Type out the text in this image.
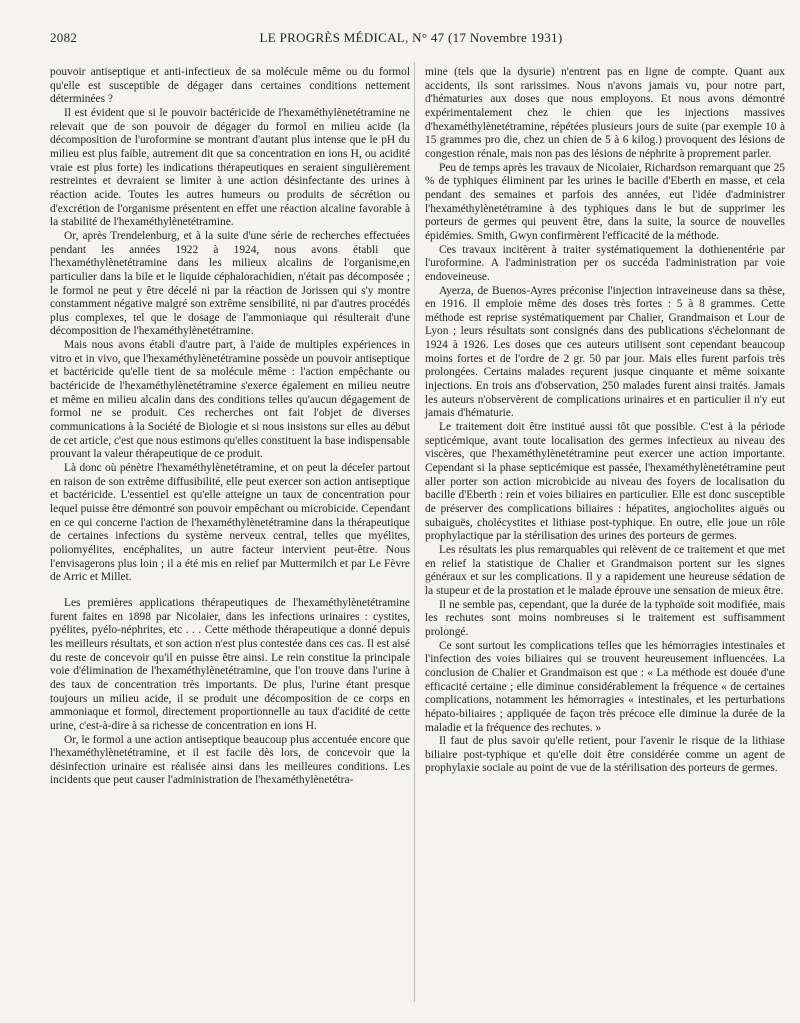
2082	LE PROGRÈS MÉDICAL, N° 47 (17 Novembre 1931)

pouvoir antiseptique et anti-infectieux de sa molécule même ou du formol qu'elle est susceptible de dégager dans certaines conditions nettement déterminées ?

Il est évident que si le pouvoir bactéricide de l'hexaméthylènetétramine ne relevait que de son pouvoir de dégager du formol en milieu acide (la décomposition de l'uroformine se montrant d'autant plus intense que le pH du milieu est plus faible, autrement dit que sa concentration en ions H, ou acidité vraie est plus forte) les indications thérapeutiques en seraient singulièrement restreintes et devraient se limiter à une action désinfectante des urines à réaction acide. Toutes les autres humeurs ou produits de sécrétion ou d'excrétion de l'organisme présentent en effet une réaction alcaline favorable à la stabilité de l'hexaméthylènetétramine.

Or, après Trendelenburg, et à la suite d'une série de recherches effectuées pendant les années 1922 à 1924, nous avons établi que l'hexaméthylènetétramine dans les milieux alcalins de l'organisme,en particulier dans la bile et le liquide céphalorachidien, n'était pas décomposée ; le formol ne peut y être décelé ni par la réaction de Jorissen qui s'y montre constamment négative malgré son extrême sensibilité, ni par d'autres procédés plus complexes, tel que le dosage de l'ammoniaque qui résulterait d'une décomposition de l'hexaméthylènetétramine.

Mais nous avons établi d'autre part, à l'aide de multiples expériences in vitro et in vivo, que l'hexaméthylènetétramine possède un pouvoir antiseptique et bactéricide qu'elle tient de sa molécule même : l'action empêchante ou bactéricide de l'hexaméthylènetétramine s'exerce également en milieu neutre et même en milieu alcalin dans des conditions telles qu'aucun dégagement de formol ne se produit. Ces recherches ont fait l'objet de diverses communications à la Société de Biologie et si nous insistons sur elles au début de cet article, c'est que nous estimons qu'elles constituent la base indispensable prouvant la valeur thérapeutique de ce produit.

Là donc où pénètre l'hexaméthylènetétramine, et on peut la déceler partout en raison de son extrême diffusibilité, elle peut exercer son action antiseptique et bactéricide. L'essentiel est qu'elle atteigne un taux de concentration pour lequel puisse être démontré son pouvoir empêchant ou microbicide. Cependant en ce qui concerne l'action de l'hexaméthylènetétramine dans la thérapeutique de certaines infections du système nerveux central, telles que myélites, poliomyélites, encéphalites, un autre facteur intervient peut-être. Nous l'envisagerons plus loin ; il a été mis en relief par Muttermilch et par Le Fèvre de Arric et Millet.

Les premières applications thérapeutiques de l'hexaméthylènetétramine furent faites en 1898 par Nicolaier, dans les infections urinaires : cystites, pyélites, pyélo-néphrites, etc . . . Cette méthode thérapeutique a donné depuis les meilleurs résultats, et son action n'est plus contestée dans ces cas. Il est aisé du reste de concevoir qu'il en puisse être ainsi. Le rein constitue la principale voie d'élimination de l'hexaméthylènetétramine, que l'on trouve dans l'urine à des taux de concentration très importants. De plus, l'urine étant presque toujours un milieu acide, il se produit une décomposition de ce corps en ammoniaque et formol, directement proportionnelle au taux d'acidité de cette urine, c'est-à-dire à sa richesse de concentration en ions H.

Or, le formol a une action antiseptique beaucoup plus accentuée encore que l'hexaméthylènetétramine, et il est facile dès lors, de concevoir que la désinfection urinaire est réalisée ainsi dans les meilleures conditions. Les incidents que peut causer l'administration de l'hexaméthylènetétra-

mine (tels que la dysurie) n'entrent pas en ligne de compte. Quant aux accidents, ils sont rarissimes. Nous n'avons jamais vu, pour notre part, d'hématuries aux doses que nous employons. Et nous avons démontré expérimentalement chez le chien que les injections massives d'hexaméthylènetétramine, répétées plusieurs jours de suite (par exemple 10 à 15 grammes pro die, chez un chien de 5 à 6 kilog.) provoquent des lésions de congestion rénale, mais non pas des lésions de néphrite à proprement parler.

Peu de temps après les travaux de Nicolaier, Richardson remarquant que 25 % de typhiques éliminent par les urines le bacille d'Eberth en masse, et cela pendant des semaines et parfois des années, eut l'idée d'administrer l'hexaméthylènetétramine à des typhiques dans le but de supprimer les porteurs de germes qui peuvent être, dans la suite, la source de nouvelles épidémies. Smith, Gwyn confirmèrent l'efficacité de la méthode.

Ces travaux incitèrent à traiter systématiquement la dothienentérie par l'uroformine. A l'administration per os succéda l'administration par voie endoveineuse.

Ayerza, de Buenos-Ayres préconise l'injection intraveineuse dans sa thèse, en 1916. Il emploie même des doses très fortes : 5 à 8 grammes. Cette méthode est reprise systématiquement par Chalier, Grandmaison et Lour de Lyon ; leurs résultats sont consignés dans des publications s'échelonnant de 1924 à 1926. Les doses que ces auteurs utilisent sont cependant beaucoup moins fortes et de l'ordre de 2 gr. 50 par jour. Mais elles furent parfois très prolongées. Certains malades reçurent jusque cinquante et même soixante injections. En trois ans d'observation, 250 malades furent ainsi traités. Jamais les auteurs n'observèrent de complications urinaires et en particulier il n'y eut jamais d'hématurie.

Le traitement doit être institué aussi tôt que possible. C'est à la période septicémique, avant toute localisation des germes infectieux au niveau des viscères, que l'hexaméthylènetétramine peut exercer une action importante. Cependant si la phase septicémique est passée, l'hexaméthylènetétramine peut aller porter son action microbicide au niveau des foyers de localisation du bacille d'Eberth : rein et voies biliaires en particulier. Elle est donc susceptible de préserver des complications biliaires : hépatites, angiocholites aiguës ou subaiguës, cholécystites et lithiase post-typhique. En outre, elle joue un rôle prophylactique par la stérilisation des urines des porteurs de germes.

Les résultats les plus remarquables qui relèvent de ce traitement et que met en relief la statistique de Chalier et Grandmaison portent sur les signes généraux et sur les complications. Il y a rapidement une heureuse sédation de la stupeur et de la prostation et le malade éprouve une sensation de mieux être.

Il ne semble pas, cependant, que la durée de la typhoïde soit modifiée, mais les rechutes sont moins nombreuses si le traitement est suffisamment prolongé.

Ce sont surtout les complications telles que les hémorragies intestinales et l'infection des voies biliaires qui se trouvent heureusement influencées. La conclusion de Chalier et Grandmaison est que : « La méthode est douée d'une efficacité certaine ; elle diminue considérablement la fréquence « de certaines complications, notamment les hémorragies « intestinales, et les perturbations hépato-biliaires ; appliquée de façon très précoce elle diminue la durée de la maladie et la fréquence des rechutes. »

Il faut de plus savoir qu'elle retient, pour l'avenir le risque de la lithiase biliaire post-typhique et qu'elle doit être considérée comme un agent de prophylaxie sociale au point de vue de la stérilisation des porteurs de germes.
